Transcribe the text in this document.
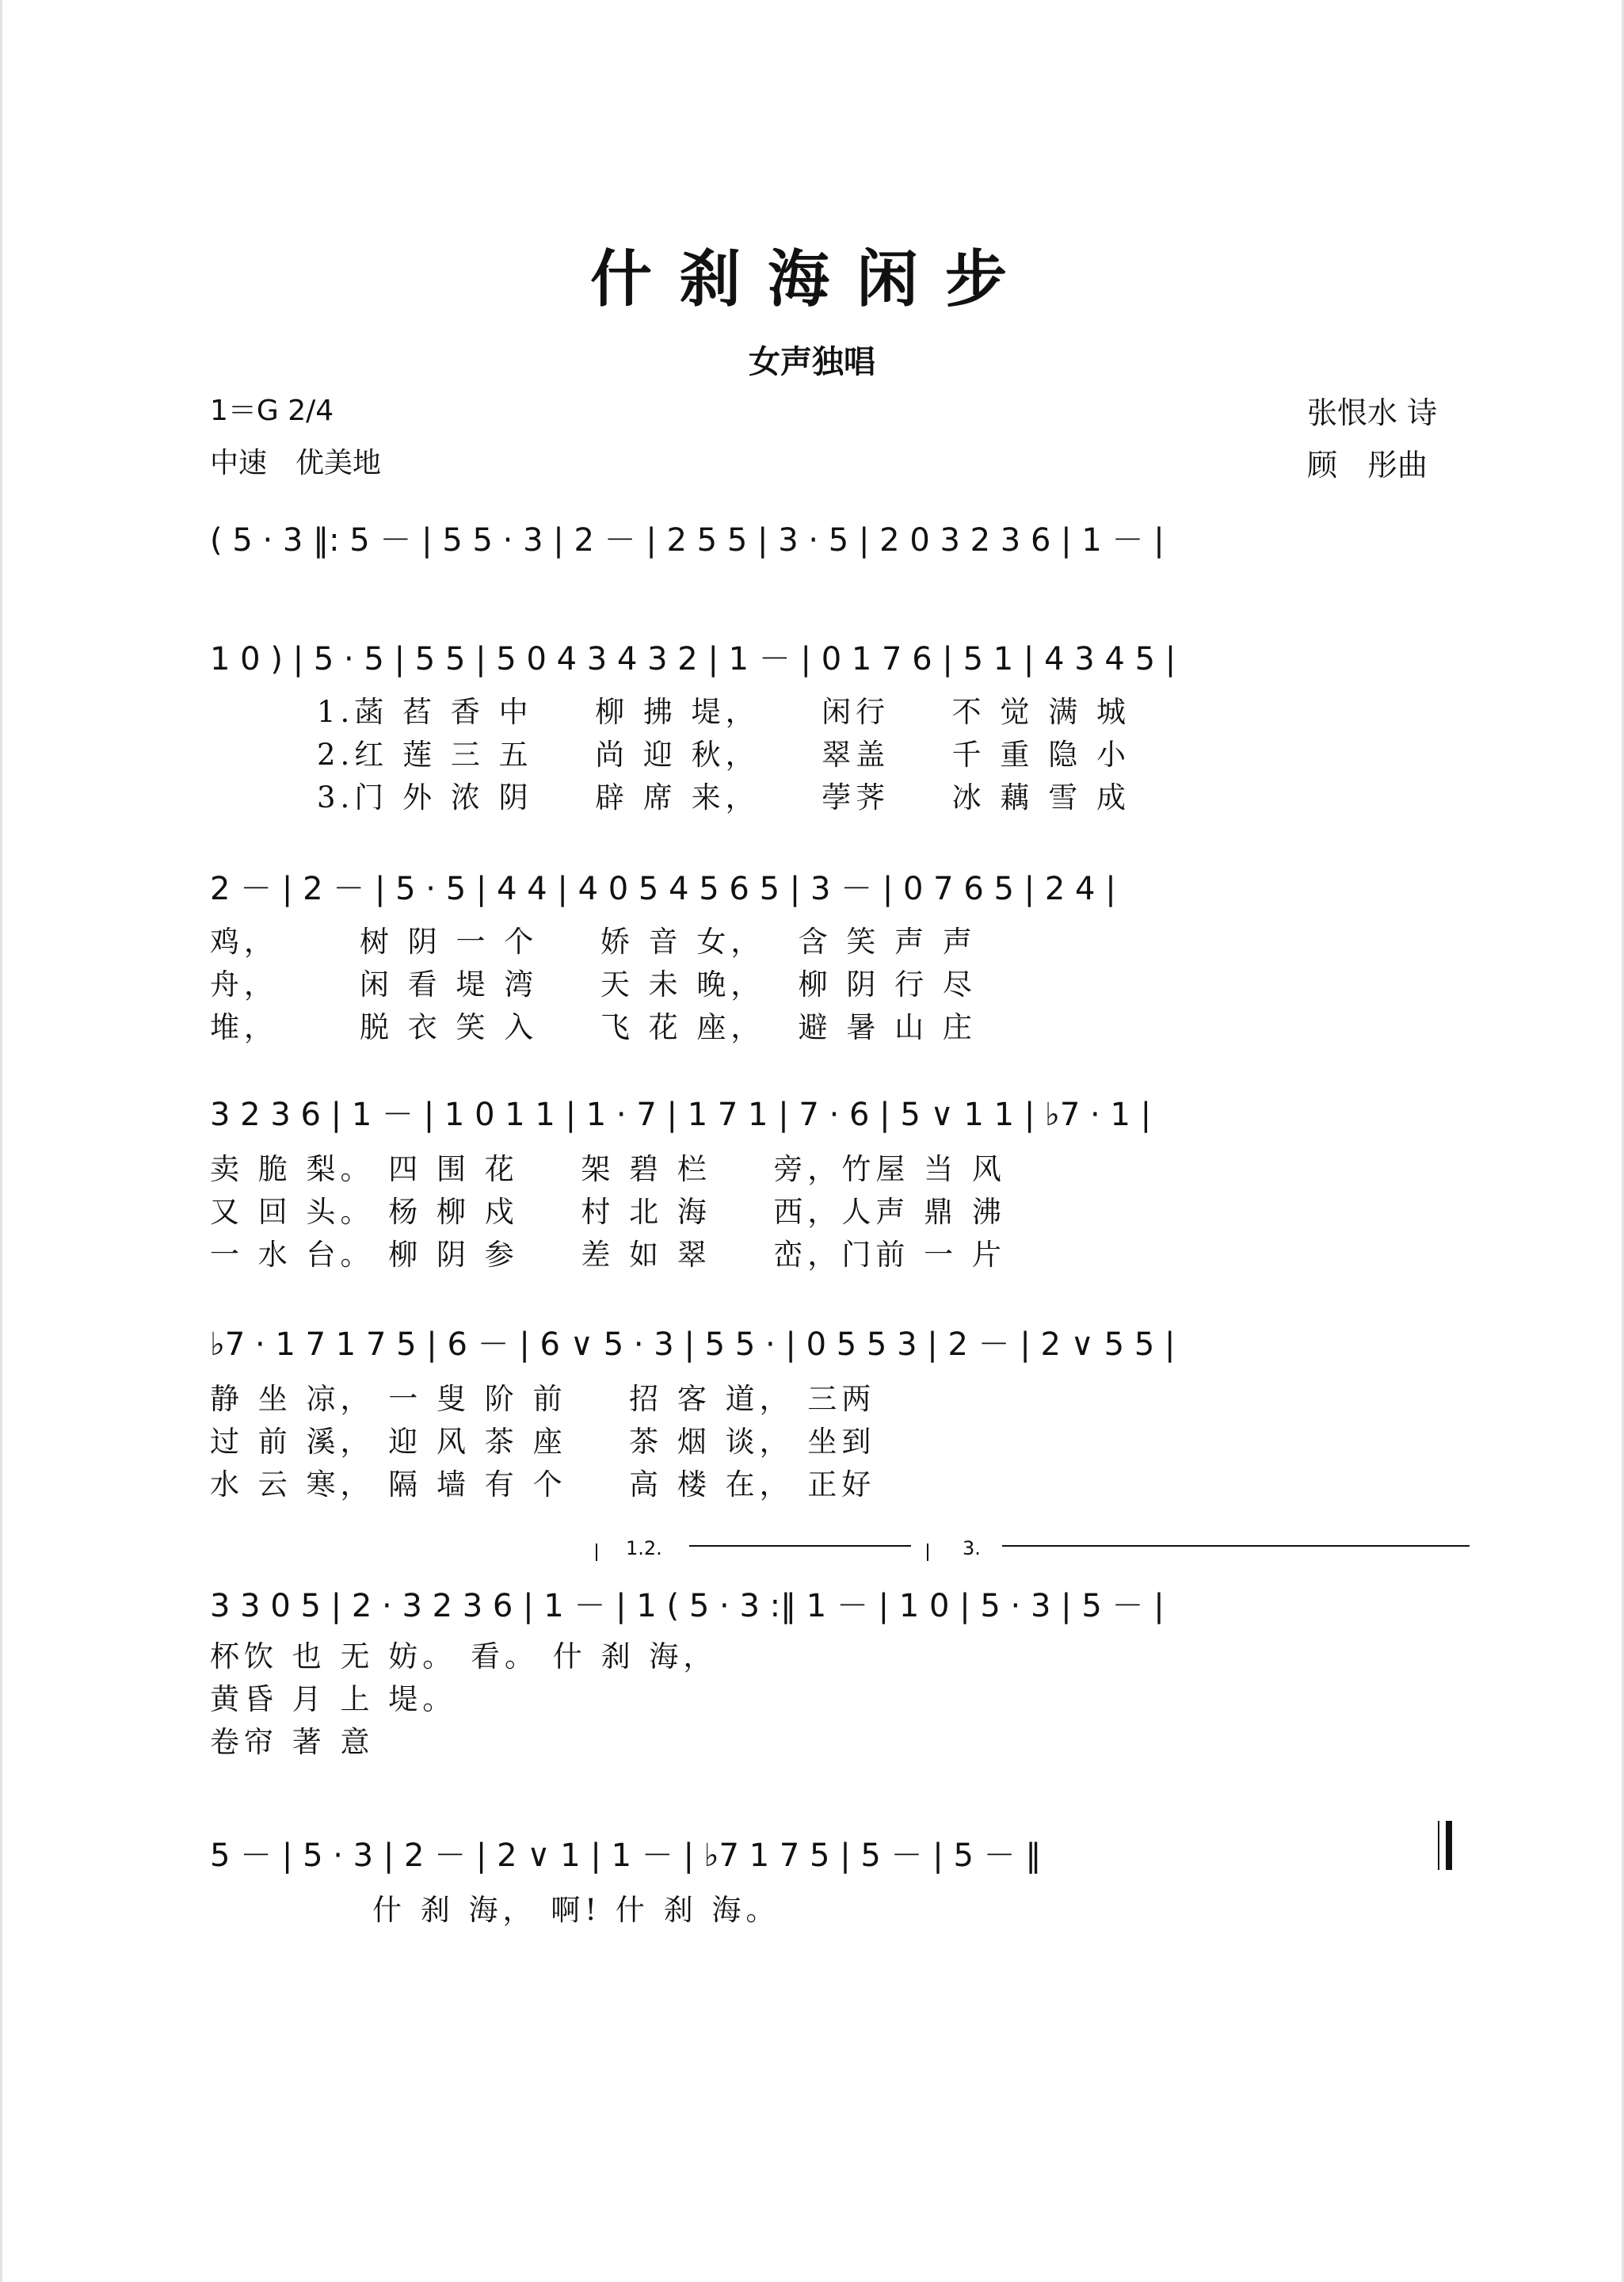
什刹海闲步
女声独唱
1＝G 2/4
中速　优美地
张恨水 诗
顾　彤曲
( 5 · 3 ‖: 5 － | 5 5 · 3 | 2 － | 2 5 5 | 3 · 5 | 2 0 3 2 3 6 | 1 － |
1 0 ) | 5 · 5 | 5 5 | 5 0 4 3 4 3 2 | 1 － | 0 1 7 6 | 5 1 | 4 3 4 5 |
1.菡 萏 香 中 　 柳 拂 堤， 　 闲行 　 不 觉 满 城
2.红 莲 三 五 　 尚 迎 秋， 　 翠盖 　 千 重 隐 小
3.门 外 浓 阴 　 辟 席 来， 　 荸荠 　 冰 藕 雪 成
2 － | 2 － | 5 · 5 | 4 4 | 4 0 5 4 5 6 5 | 3 － | 0 7 6 5 | 2 4 |
鸡，　 　 树 阴 一 个 　 娇 音 女，　 含 笑 声 声
舟，　 　 闲 看 堤 湾 　 天 未 晚，　 柳 阴 行 尽
堆，　 　 脱 衣 笑 入 　 飞 花 座，　 避 暑 山 庄
3 2 3 6 | 1 － | 1 0 1 1 | 1 · 7 | 1 7 1 | 7 · 6 | 5 ∨ 1 1 | ♭7 · 1 |
卖 脆 梨。 四 围 花 　 架 碧 栏 　 旁，竹屋 当 风
又 回 头。 杨 柳 戍 　 村 北 海 　 西，人声 鼎 沸
一 水 台。 柳 阴 参 　 差 如 翠 　 峦，门前 一 片
♭7 · 1 7 1 7 5 | 6 － | 6 ∨ 5 · 3 | 5 5 · | 0 5 5 3 | 2 － | 2 ∨ 5 5 |
静 坐 凉， 一 叟 阶 前 　 招 客 道， 三两
过 前 溪， 迎 风 茶 座 　 茶 烟 谈， 坐到
水 云 寒， 隔 墙 有 个 　 高 楼 在， 正好
1.2.	3.
3 3 0 5 | 2 · 3 2 3 6 | 1 － | 1 ( 5 · 3 :‖ 1 － | 1 0 | 5 · 3 | 5 － |
杯饮 也 无 妨。 看。 什 刹 海，
黄昏 月 上 堤。
卷帘 著 意
5 － | 5 · 3 | 2 － | 2 ∨ 1 | 1 － | ♭7 1 7 5 | 5 － | 5 － ‖
什 刹 海， 啊! 什 刹 海。
